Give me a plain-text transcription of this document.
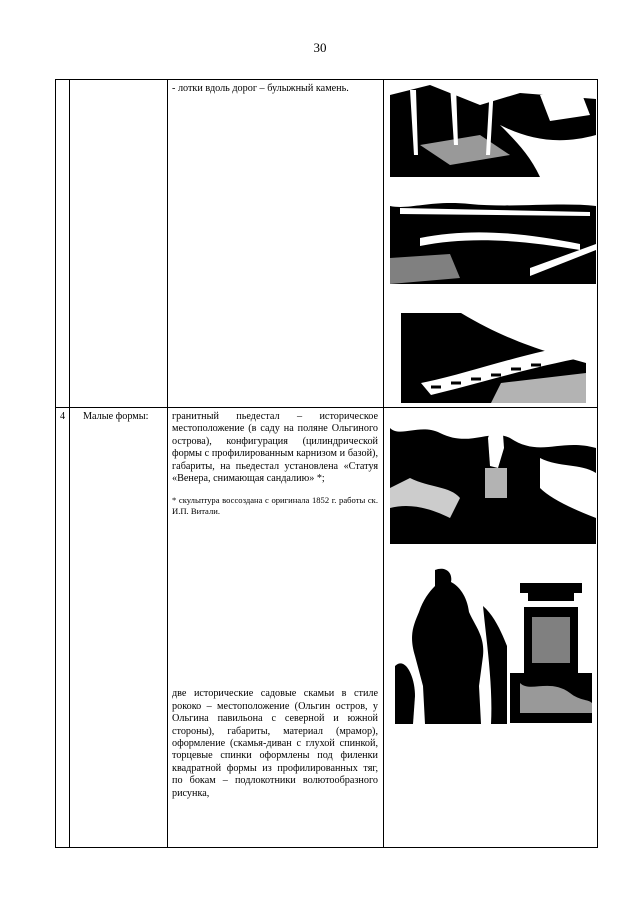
30

		- лотки вдоль дорог – булыжный камень.

4	Малые формы:	гранитный пьедестал – историческое местоположение (в саду на поляне Ольгиного острова), конфигурация (цилиндрической формы с профилированным карнизом и базой), габариты, на пьедестал установлена «Статуя «Венера, снимающая сандалию» *;

* скульптура воссоздана с оригинала 1852 г. работы ск. И.П. Витали.

две исторические садовые скамьи в стиле рококо – местоположение (Ольгин остров, у Ольгина павильона с северной и южной стороны), габариты, материал (мрамор), оформление (скамья-диван с глухой спинкой, торцевые спинки оформлены под филенки квадратной формы из профилированных тяг, по бокам – подлокотники волютообразного рисунка,
